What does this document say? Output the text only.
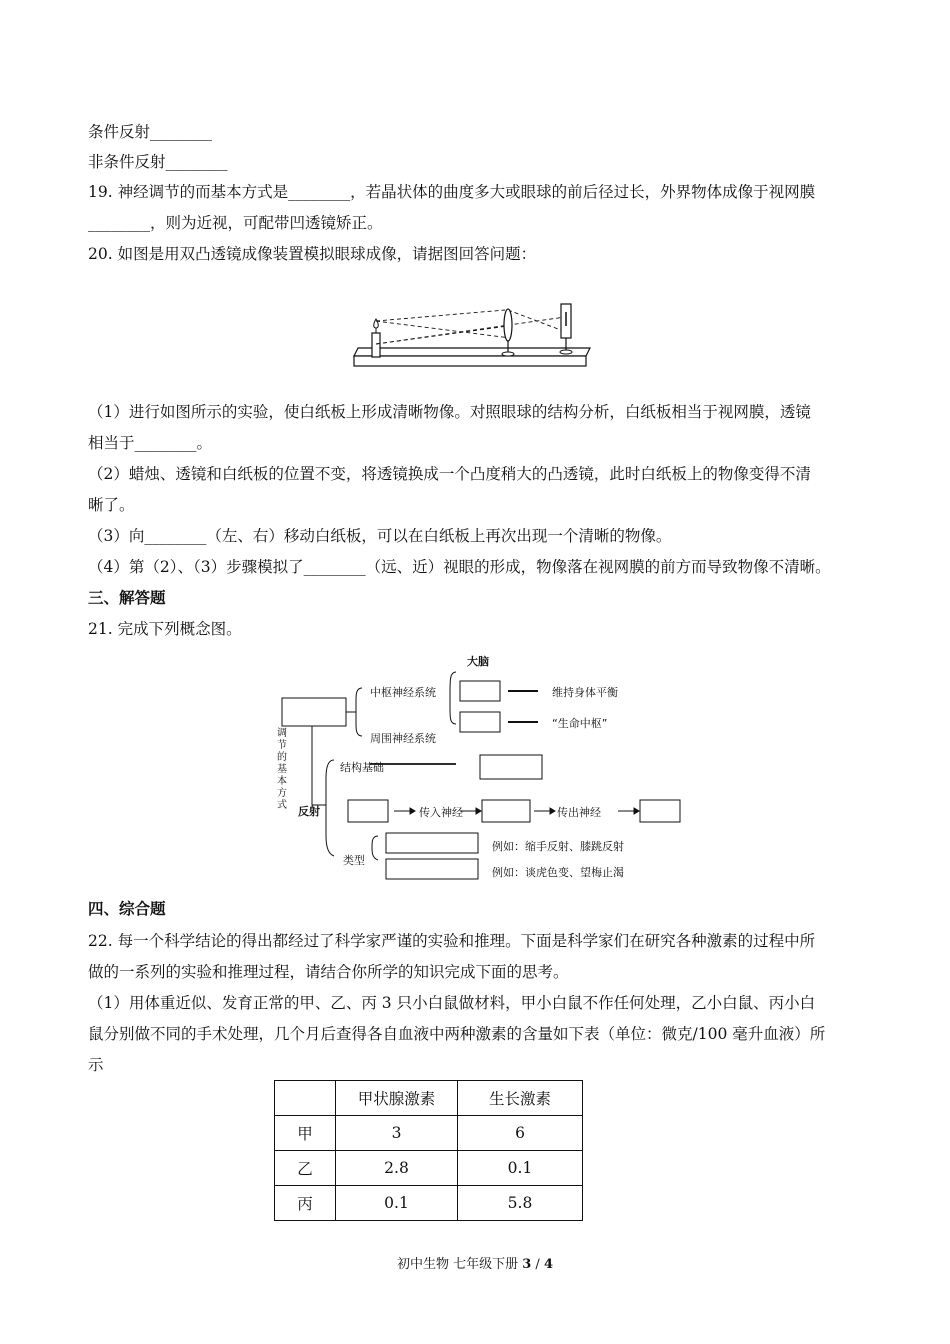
条件反射________
非条件反射________
19. 神经调节的而基本方式是________，若晶状体的曲度多大或眼球的前后径过长，外界物体成像于视网膜
________，则为近视，可配带凹透镜矫正。
20. 如图是用双凸透镜成像装置模拟眼球成像，请据图回答问题：
（1）进行如图所示的实验，使白纸板上形成清晰物像。对照眼球的结构分析，白纸板相当于视网膜，透镜
相当于________。
（2）蜡烛、透镜和白纸板的位置不变，将透镜换成一个凸度稍大的凸透镜，此时白纸板上的物像变得不清
晰了。
（3）向________（左、右）移动白纸板，可以在白纸板上再次出现一个清晰的物像。
（4）第（2）、（3）步骤模拟了________（远、近）视眼的形成，物像落在视网膜的前方而导致物像不清晰。
三、解答题
21. 完成下列概念图。
大脑
中枢神经系统
周围神经系统
维持身体平衡
“生命中枢”
调节的基本方式
结构基础
反射	传入神经	传出神经
类型
例如：缩手反射、膝跳反射
例如：谈虎色变、望梅止渴
四、综合题
22. 每一个科学结论的得出都经过了科学家严谨的实验和推理。下面是科学家们在研究各种激素的过程中所
做的一系列的实验和推理过程，请结合你所学的知识完成下面的思考。
（1）用体重近似、发育正常的甲、乙、丙 3 只小白鼠做材料，甲小白鼠不作任何处理，乙小白鼠、丙小白
鼠分别做不同的手术处理，几个月后查得各自血液中两种激素的含量如下表（单位：微克/100 毫升血液）所
示
	甲状腺激素	生长激素
甲	3	6
乙	2.8	0.1
丙	0.1	5.8
初中生物 七年级下册 3 / 4
